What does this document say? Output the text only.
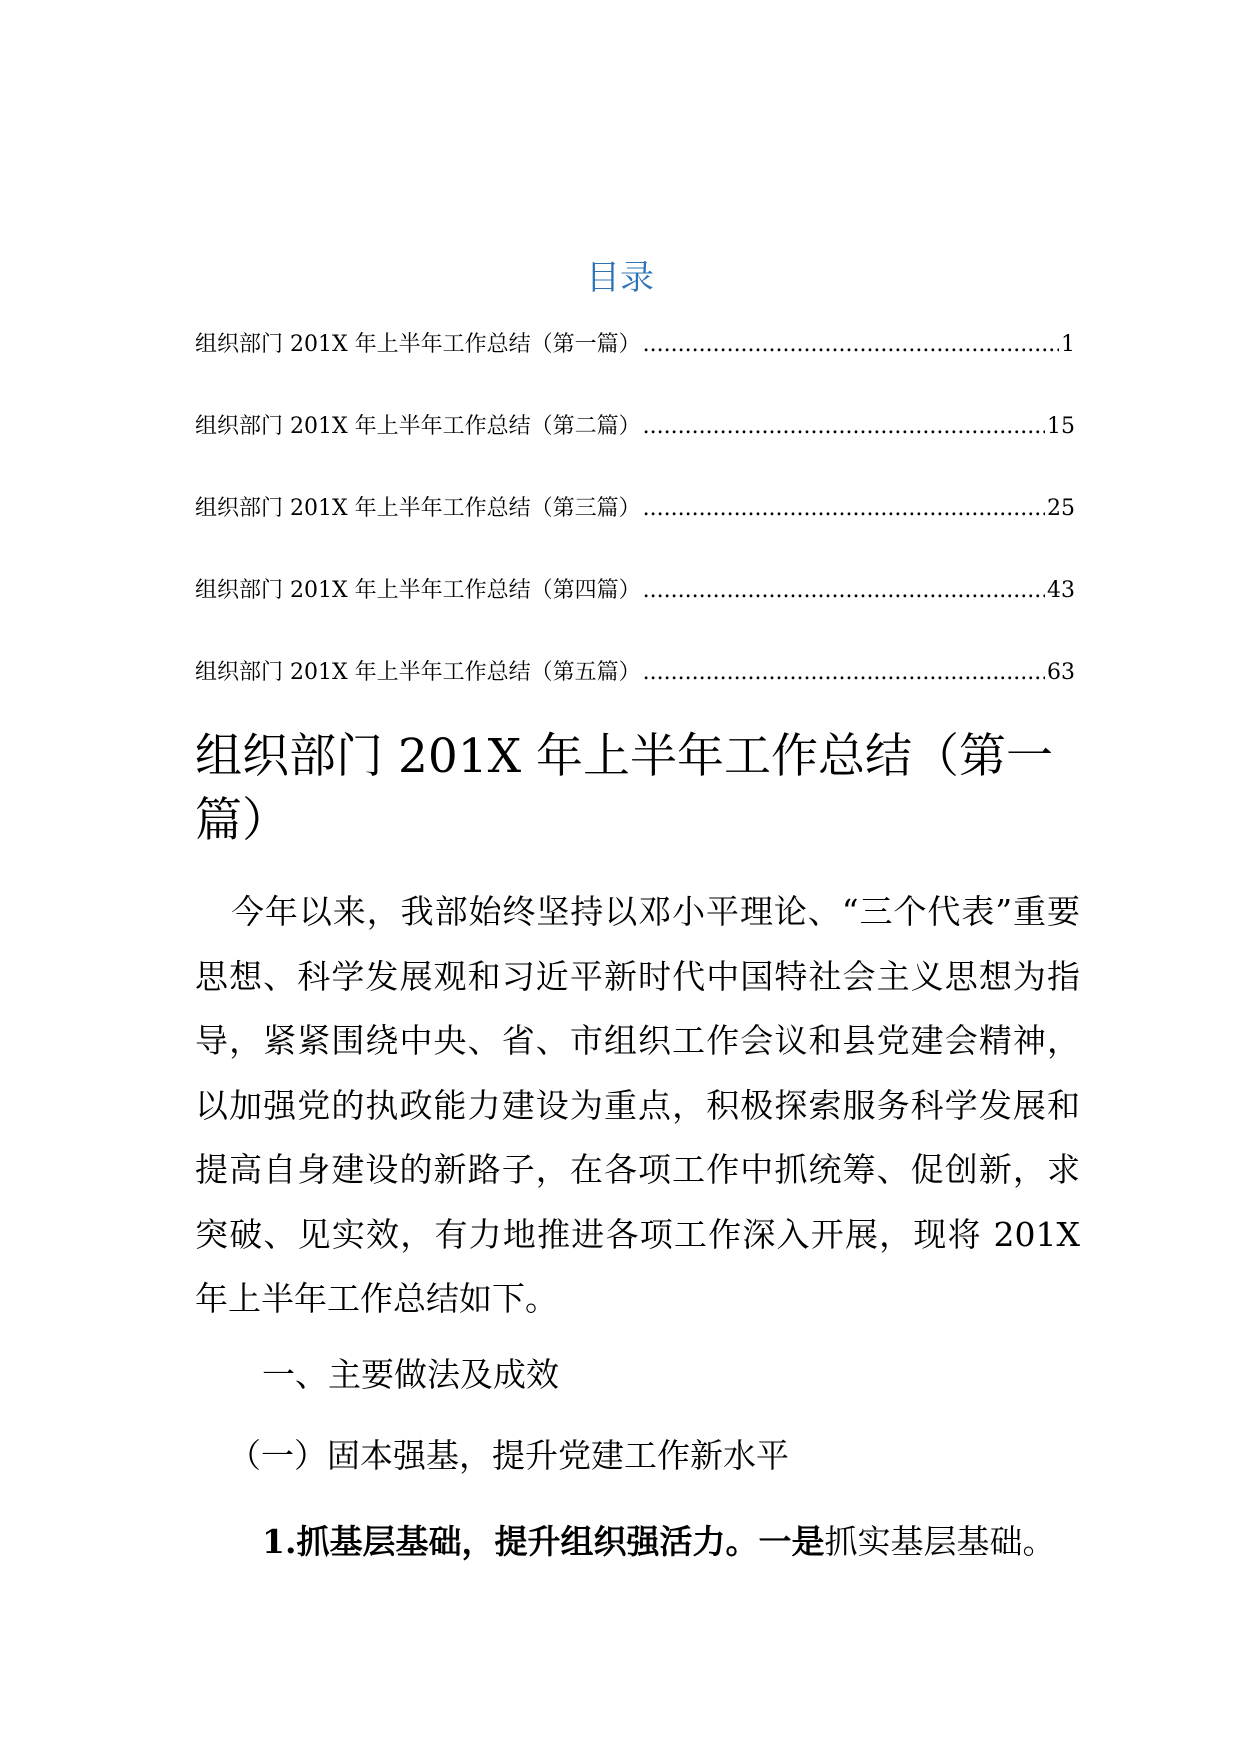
目录
组织部门 201X 年上半年工作总结（第一篇） .....	1
组织部门 201X 年上半年工作总结（第二篇） .....	15
组织部门 201X 年上半年工作总结（第三篇） .....	25
组织部门 201X 年上半年工作总结（第四篇） .....	43
组织部门 201X 年上半年工作总结（第五篇） .....	63
组织部门 201X 年上半年工作总结（第一篇）

今年以来，我部始终坚持以邓小平理论、“三个代表”重要思想、科学发展观和习近平新时代中国特社会主义思想为指导，紧紧围绕中央、省、市组织工作会议和县党建会精神，以加强党的执政能力建设为重点，积极探索服务科学发展和提高自身建设的新路子，在各项工作中抓统筹、促创新，求突破、见实效，有力地推进各项工作深入开展，现将 201X 年上半年工作总结如下。

一、主要做法及成效
（一）固本强基，提升党建工作新水平

1.抓基层基础，提升组织强活力。一是抓实基层基础。
